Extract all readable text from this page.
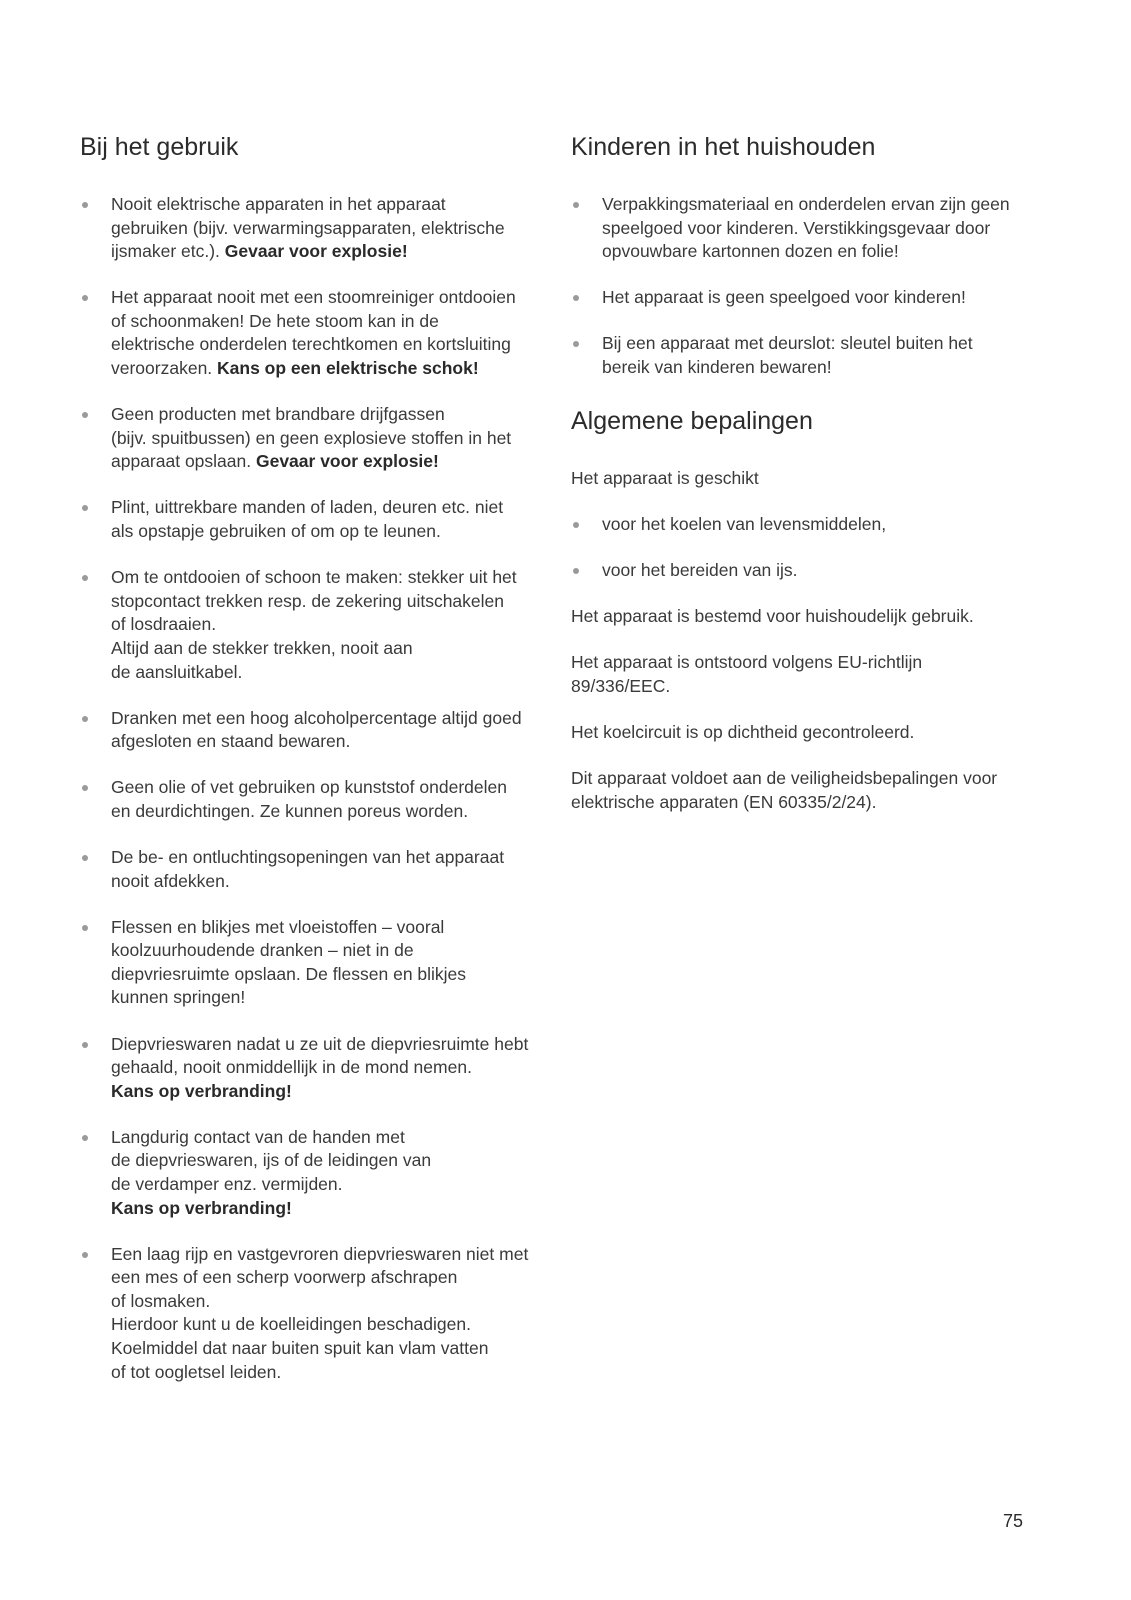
Bij het gebruik
Nooit elektrische apparaten in het apparaat
gebruiken (bijv. verwarmingsapparaten, elektrische
ijsmaker etc.). Gevaar voor explosie!
Het apparaat nooit met een stoomreiniger ontdooien
of schoonmaken! De hete stoom kan in de
elektrische onderdelen terechtkomen en kortsluiting
veroorzaken. Kans op een elektrische schok!
Geen producten met brandbare drijfgassen
(bijv. spuitbussen) en geen explosieve stoffen in het
apparaat opslaan. Gevaar voor explosie!
Plint, uittrekbare manden of laden, deuren etc. niet
als opstapje gebruiken of om op te leunen.
Om te ontdooien of schoon te maken: stekker uit het
stopcontact trekken resp. de zekering uitschakelen
of losdraaien.
Altijd aan de stekker trekken, nooit aan
de aansluitkabel.
Dranken met een hoog alcoholpercentage altijd goed
afgesloten en staand bewaren.
Geen olie of vet gebruiken op kunststof onderdelen
en deurdichtingen. Ze kunnen poreus worden.
De be- en ontluchtingsopeningen van het apparaat
nooit afdekken.
Flessen en blikjes met vloeistoffen – vooral
koolzuurhoudende dranken – niet in de
diepvriesruimte opslaan. De flessen en blikjes
kunnen springen!
Diepvrieswaren nadat u ze uit de diepvriesruimte hebt
gehaald, nooit onmiddellijk in de mond nemen.
Kans op verbranding!
Langdurig contact van de handen met
de diepvrieswaren, ijs of de leidingen van
de verdamper enz. vermijden.
Kans op verbranding!
Een laag rijp en vastgevroren diepvrieswaren niet met
een mes of een scherp voorwerp afschrapen
of losmaken.
Hierdoor kunt u de koelleidingen beschadigen.
Koelmiddel dat naar buiten spuit kan vlam vatten
of tot oogletsel leiden.
Kinderen in het huishouden
Verpakkingsmateriaal en onderdelen ervan zijn geen
speelgoed voor kinderen. Verstikkingsgevaar door
opvouwbare kartonnen dozen en folie!
Het apparaat is geen speelgoed voor kinderen!
Bij een apparaat met deurslot: sleutel buiten het
bereik van kinderen bewaren!
Algemene bepalingen

Het apparaat is geschikt

voor het koelen van levensmiddelen,
voor het bereiden van ijs.

Het apparaat is bestemd voor huishoudelijk gebruik.

Het apparaat is ontstoord volgens EU-richtlijn
89/336/EEC.

Het koelcircuit is op dichtheid gecontroleerd.

Dit apparaat voldoet aan de veiligheidsbepalingen voor
elektrische apparaten (EN 60335/2/24).

75
